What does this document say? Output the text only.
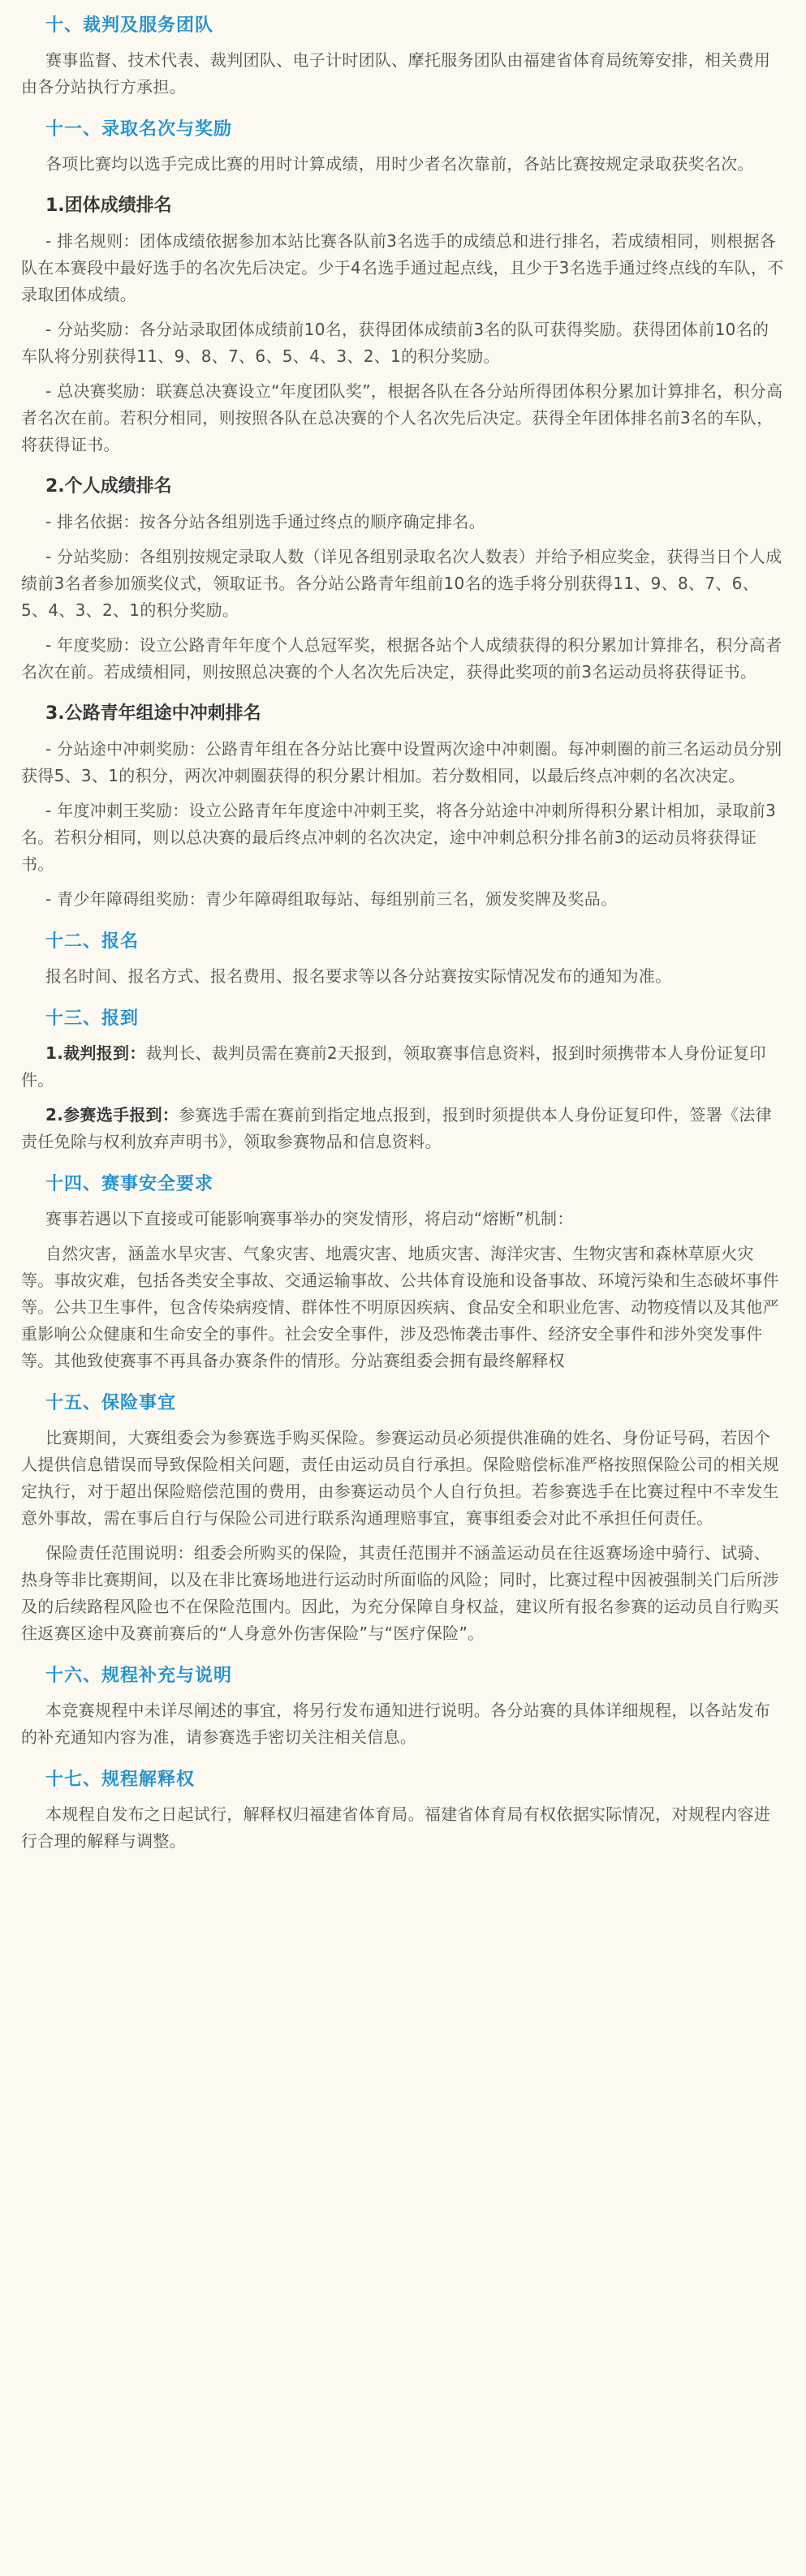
十、裁判及服务团队

赛事监督、技术代表、裁判团队、电子计时团队、摩托服务团队由福建省体育局统筹安排，相关费用由各分站执行方承担。

十一、录取名次与奖励

各项比赛均以选手完成比赛的用时计算成绩，用时少者名次靠前，各站比赛按规定录取获奖名次。

1.团体成绩排名

- 排名规则：团体成绩依据参加本站比赛各队前3名选手的成绩总和进行排名，若成绩相同，则根据各队在本赛段中最好选手的名次先后决定。少于4名选手通过起点线，且少于3名选手通过终点线的车队，不录取团体成绩。

- 分站奖励：各分站录取团体成绩前10名，获得团体成绩前3名的队可获得奖励。获得团体前10名的车队将分别获得11、9、8、7、6、5、4、3、2、1的积分奖励。

- 总决赛奖励：联赛总决赛设立“年度团队奖”，根据各队在各分站所得团体积分累加计算排名，积分高者名次在前。若积分相同，则按照各队在总决赛的个人名次先后决定。获得全年团体排名前3名的车队，将获得证书。

2.个人成绩排名

- 排名依据：按各分站各组别选手通过终点的顺序确定排名。

- 分站奖励：各组别按规定录取人数（详见各组别录取名次人数表）并给予相应奖金，获得当日个人成绩前3名者参加颁奖仪式，领取证书。各分站公路青年组前10名的选手将分别获得11、9、8、7、6、5、4、3、2、1的积分奖励。

- 年度奖励：设立公路青年年度个人总冠军奖，根据各站个人成绩获得的积分累加计算排名，积分高者名次在前。若成绩相同，则按照总决赛的个人名次先后决定，获得此奖项的前3名运动员将获得证书。

3.公路青年组途中冲刺排名

- 分站途中冲刺奖励：公路青年组在各分站比赛中设置两次途中冲刺圈。每冲刺圈的前三名运动员分别获得5、3、1的积分，两次冲刺圈获得的积分累计相加。若分数相同，以最后终点冲刺的名次决定。

- 年度冲刺王奖励：设立公路青年年度途中冲刺王奖，将各分站途中冲刺所得积分累计相加，录取前3名。若积分相同，则以总决赛的最后终点冲刺的名次决定，途中冲刺总积分排名前3的运动员将获得证书。

- 青少年障碍组奖励：青少年障碍组取每站、每组别前三名，颁发奖牌及奖品。

十二、报名

报名时间、报名方式、报名费用、报名要求等以各分站赛按实际情况发布的通知为准。

十三、报到

1.裁判报到：裁判长、裁判员需在赛前2天报到，领取赛事信息资料，报到时须携带本人身份证复印件。

2.参赛选手报到：参赛选手需在赛前到指定地点报到，报到时须提供本人身份证复印件，签署《法律责任免除与权利放弃声明书》，领取参赛物品和信息资料。

十四、赛事安全要求

赛事若遇以下直接或可能影响赛事举办的突发情形，将启动“熔断”机制：

自然灾害，涵盖水旱灾害、气象灾害、地震灾害、地质灾害、海洋灾害、生物灾害和森林草原火灾等。事故灾难，包括各类安全事故、交通运输事故、公共体育设施和设备事故、环境污染和生态破坏事件等。公共卫生事件，包含传染病疫情、群体性不明原因疾病、食品安全和职业危害、动物疫情以及其他严重影响公众健康和生命安全的事件。社会安全事件，涉及恐怖袭击事件、经济安全事件和涉外突发事件等。其他致使赛事不再具备办赛条件的情形。分站赛组委会拥有最终解释权

十五、保险事宜

比赛期间，大赛组委会为参赛选手购买保险。参赛运动员必须提供准确的姓名、身份证号码，若因个人提供信息错误而导致保险相关问题，责任由运动员自行承担。保险赔偿标准严格按照保险公司的相关规定执行，对于超出保险赔偿范围的费用，由参赛运动员个人自行负担。若参赛选手在比赛过程中不幸发生意外事故，需在事后自行与保险公司进行联系沟通理赔事宜，赛事组委会对此不承担任何责任。

保险责任范围说明：组委会所购买的保险，其责任范围并不涵盖运动员在往返赛场途中骑行、试骑、热身等非比赛期间，以及在非比赛场地进行运动时所面临的风险；同时，比赛过程中因被强制关门后所涉及的后续路程风险也不在保险范围内。因此，为充分保障自身权益，建议所有报名参赛的运动员自行购买往返赛区途中及赛前赛后的“人身意外伤害保险”与“医疗保险”。

十六、规程补充与说明

本竞赛规程中未详尽阐述的事宜，将另行发布通知进行说明。各分站赛的具体详细规程，以各站发布的补充通知内容为准，请参赛选手密切关注相关信息。

十七、规程解释权

本规程自发布之日起试行，解释权归福建省体育局。福建省体育局有权依据实际情况，对规程内容进行合理的解释与调整。
